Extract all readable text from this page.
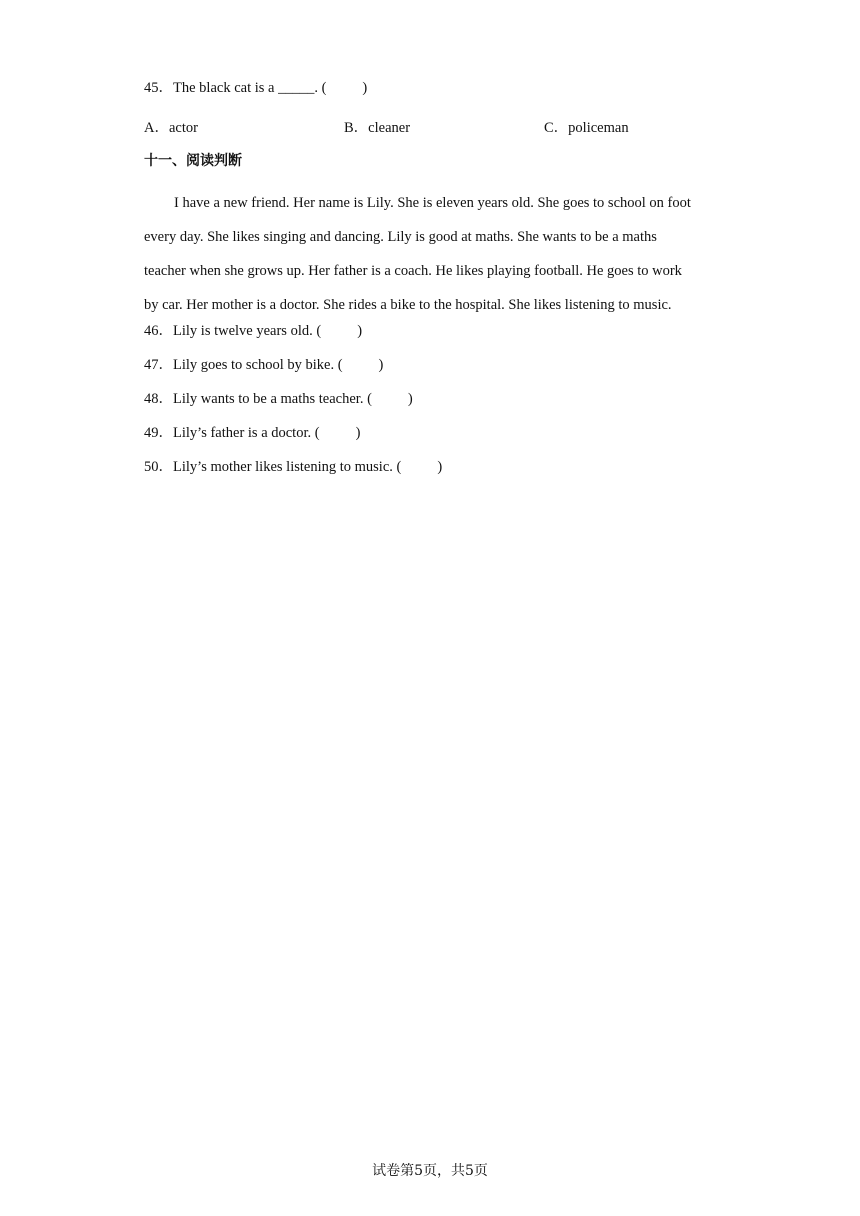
45．The black cat is a _____. ( )
A．actor	B．cleaner	C．policeman
十一、阅读判断
I have a new friend. Her name is Lily. She is eleven years old. She goes to school on foot
every day. She likes singing and dancing. Lily is good at maths. She wants to be a maths
teacher when she grows up. Her father is a coach. He likes playing football. He goes to work
by car. Her mother is a doctor. She rides a bike to the hospital. She likes listening to music.
46．Lily is twelve years old. ( )
47．Lily goes to school by bike. ( )
48．Lily wants to be a maths teacher. ( )
49．Lily’s father is a doctor. ( )
50．Lily’s mother likes listening to music. ( )
试卷第5页，共5页
